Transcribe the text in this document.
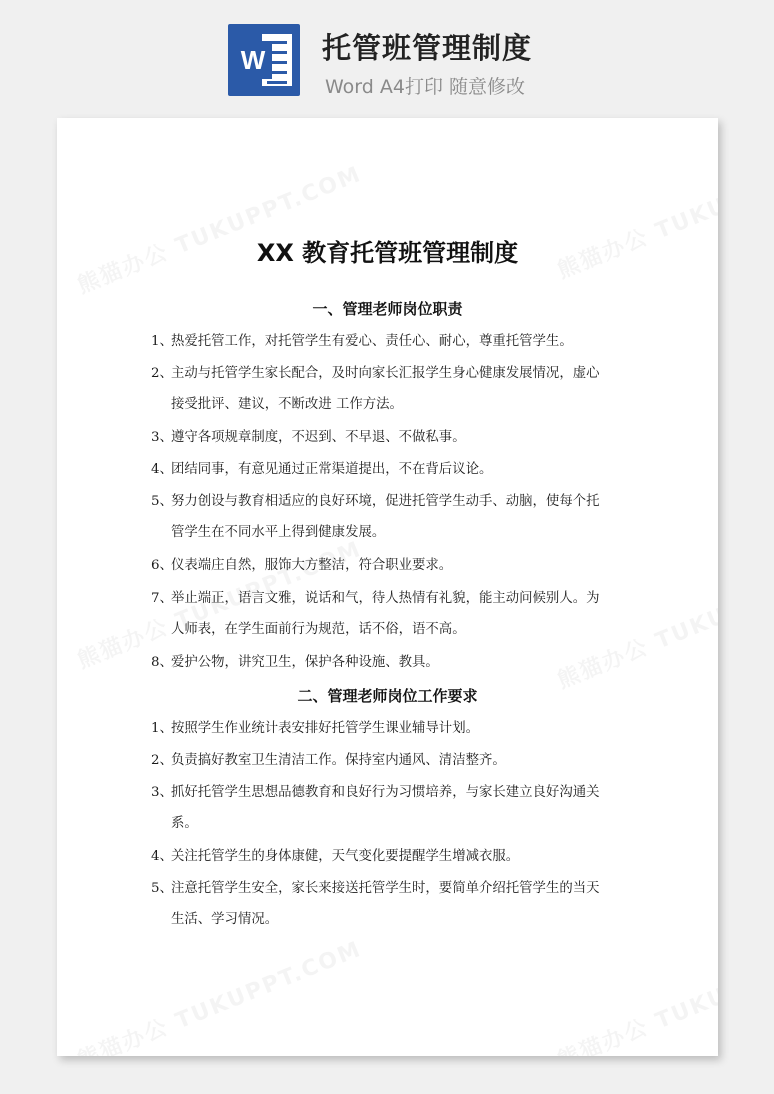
W 托管班管理制度
Word A4打印 随意修改
XX 教育托管班管理制度
一、管理老师岗位职责

1、
热爱托管工作，对托管学生有爱心、责任心、耐心，尊重托管学生。

2、
主动与托管学生家长配合，及时向家长汇报学生身心健康发展情况，虚心接受批评、建议，不断改进 工作方法。

3、
遵守各项规章制度，不迟到、不早退、不做私事。

4、
团结同事，有意见通过正常渠道提出，不在背后议论。

5、
努力创设与教育相适应的良好环境，促进托管学生动手、动脑，使每个托管学生在不同水平上得到健康发展。

6、
仪表端庄自然，服饰大方整洁，符合职业要求。

7、
举止端正，语言文雅，说话和气，待人热情有礼貌，能主动问候别人。为人师表，在学生面前行为规范，话不俗，语不高。

8、
爱护公物，讲究卫生，保护各种设施、教具。

二、管理老师岗位工作要求

1、
按照学生作业统计表安排好托管学生课业辅导计划。

2、
负责搞好教室卫生清洁工作。保持室内通风、清洁整齐。

3、
抓好托管学生思想品德教育和良好行为习惯培养，与家长建立良好沟通关系。

4、
关注托管学生的身体康健，天气变化要提醒学生增减衣服。

5、
注意托管学生安全，家长来接送托管学生时，要简单介绍托管学生的当天生活、学习情况。
